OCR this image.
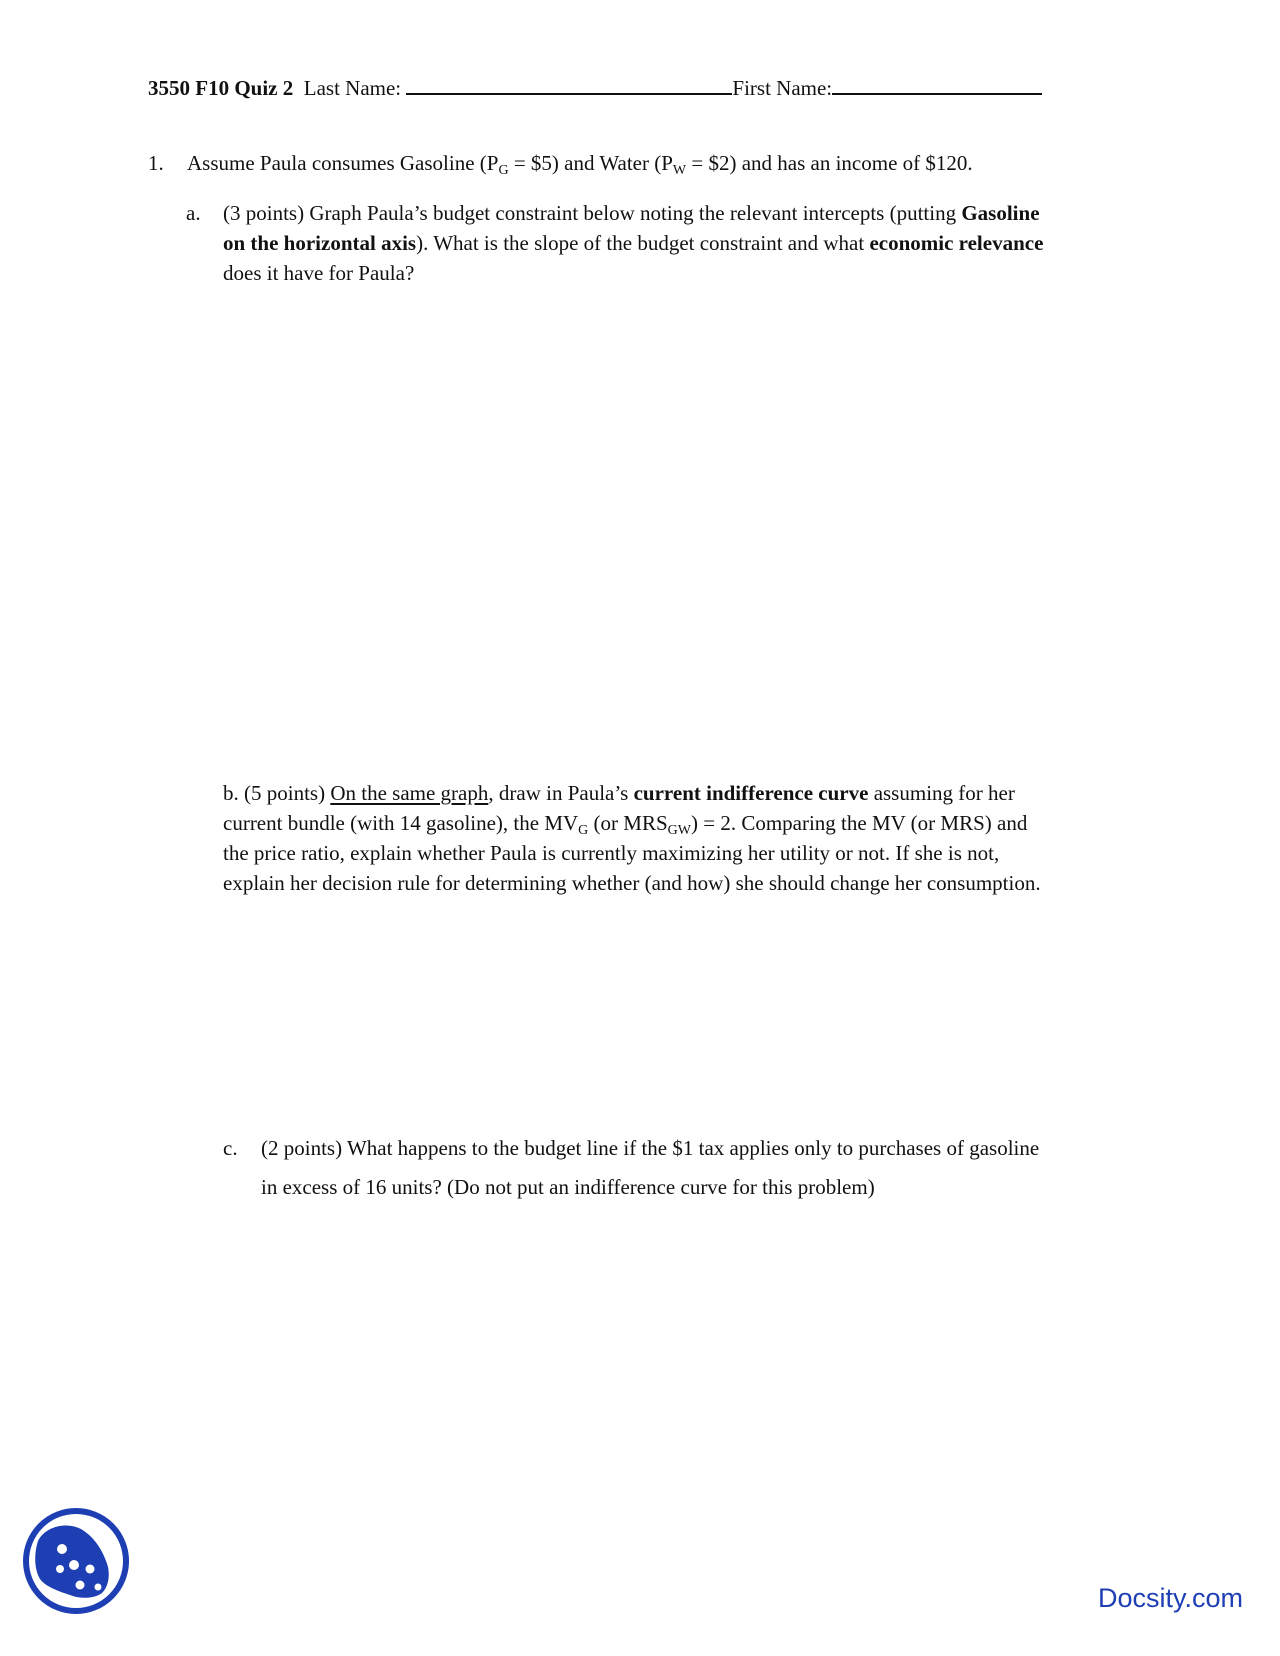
3550 F10 Quiz 2 Last Name:	First Name:
1. Assume Paula consumes Gasoline ($P_G$ = $5) and Water ($P_W$ = $2) and has an income of $120.
a. (3 points) Graph Paula’s budget constraint below noting the relevant intercepts (putting Gasoline
on the horizontal axis). What is the slope of the budget constraint and what economic relevance
does it have for Paula?
b. (5 points) On the same graph, draw in Paula’s current indifference curve assuming for her
current bundle (with 14 gasoline), the $MV_G$ (or $MRS_{GW}) = 2$. Comparing the MV (or MRS) and
the price ratio, explain whether Paula is currently maximizing her utility or not. If she is not,
explain her decision rule for determining whether (and how) she should change her consumption.
c. (2 points) What happens to the budget line if the $1 tax applies only to purchases of gasoline
in excess of 16 units? (Do not put an indifference curve for this problem)
Docsity.com
